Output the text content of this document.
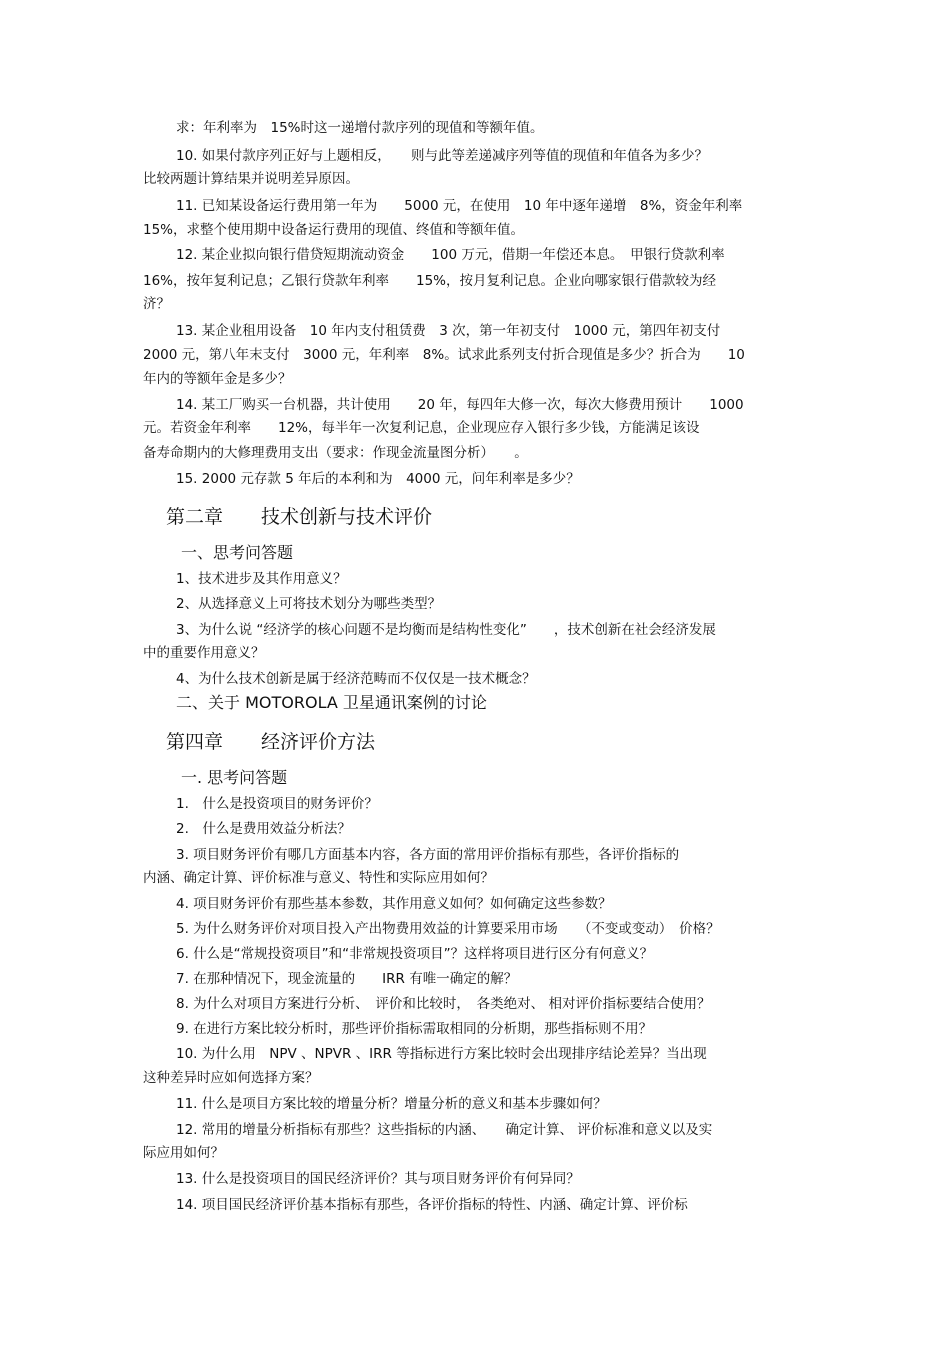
求：年利率为　15%时这一递增付款序列的现值和等额年值。
10. 如果付款序列正好与上题相反，　　则与此等差递减序列等值的现值和年值各为多少？
比较两题计算结果并说明差异原因。
11. 已知某设备运行费用第一年为　　5000 元，在使用　10 年中逐年递增　8%，资金年利率
15%，求整个使用期中设备运行费用的现值、终值和等额年值。
12. 某企业拟向银行借贷短期流动资金　　100 万元，借期一年偿还本息。　甲银行贷款利率
16%，按年复利记息；乙银行贷款年利率　　15%，按月复利记息。企业向哪家银行借款较为经
济？
13. 某企业租用设备　10 年内支付租赁费　3 次，第一年初支付　1000 元，第四年初支付
2000 元，第八年末支付　3000 元，年利率　8%。试求此系列支付折合现值是多少？折合为　　10
年内的等额年金是多少？
14. 某工厂购买一台机器，共计使用　　20 年，每四年大修一次，每次大修费用预计　　1000
元。若资金年利率　　12%，每半年一次复利记息，企业现应存入银行多少钱，方能满足该设
备寿命期内的大修理费用支出（要求：作现金流量图分析）　　。
15. 2000 元存款 5 年后的本利和为　4000 元，问年利率是多少？
第二章　　技术创新与技术评价
一、思考问答题
1、技术进步及其作用意义？
2、从选择意义上可将技术划分为哪些类型？
3、为什么说 “经济学的核心问题不是均衡而是结构性变化”　　，技术创新在社会经济发展
中的重要作用意义？
4、为什么技术创新是属于经济范畴而不仅仅是一技术概念？
二、关于 MOTOROLA 卫星通讯案例的讨论
第四章　　经济评价方法
一. 思考问答题
1.　什么是投资项目的财务评价？
2.　什么是费用效益分析法？
3. 项目财务评价有哪几方面基本内容，各方面的常用评价指标有那些，各评价指标的
内涵、确定计算、评价标准与意义、特性和实际应用如何？
4. 项目财务评价有那些基本参数，其作用意义如何？如何确定这些参数？
5. 为什么财务评价对项目投入产出物费用效益的计算要采用市场　　（不变或变动）　价格？
6. 什么是“常规投资项目”和“非常规投资项目”？这样将项目进行区分有何意义？
7. 在那种情况下，现金流量的　　IRR 有唯一确定的解？
8. 为什么对项目方案进行分析、　评价和比较时，　各类绝对、 相对评价指标要结合使用？
9. 在进行方案比较分析时，那些评价指标需取相同的分析期，那些指标则不用？
10. 为什么用　NPV 、NPVR 、IRR 等指标进行方案比较时会出现排序结论差异？当出现
这种差异时应如何选择方案？
11. 什么是项目方案比较的增量分析？增量分析的意义和基本步骤如何？
12. 常用的增量分析指标有那些？这些指标的内涵、　　确定计算、 评价标准和意义以及实
际应用如何？
13. 什么是投资项目的国民经济评价？其与项目财务评价有何异同？
14. 项目国民经济评价基本指标有那些，各评价指标的特性、内涵、确定计算、评价标
